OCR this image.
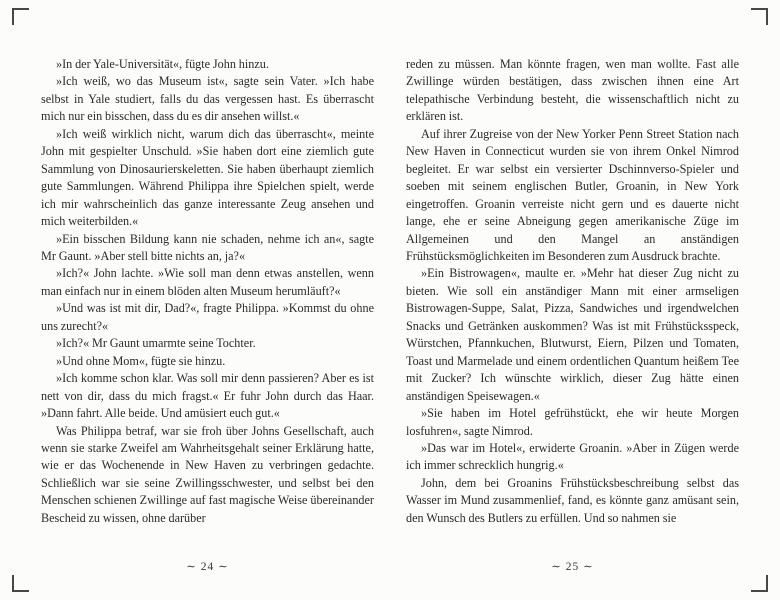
»In der Yale-Universität«, fügte John hinzu.

»Ich weiß, wo das Museum ist«, sagte sein Vater. »Ich habe selbst in Yale studiert, falls du das vergessen hast. Es überrascht mich nur ein bisschen, dass du es dir ansehen willst.«

»Ich weiß wirklich nicht, warum dich das überrascht«, meinte John mit gespielter Unschuld. »Sie haben dort eine ziemlich gute Sammlung von Dinosaurierskeletten. Sie haben überhaupt ziemlich gute Sammlungen. Während Philippa ihre Spielchen spielt, werde ich mir wahrscheinlich das ganze interessante Zeug ansehen und mich weiterbilden.«

»Ein bisschen Bildung kann nie schaden, nehme ich an«, sagte Mr Gaunt. »Aber stell bitte nichts an, ja?«

»Ich?« John lachte. »Wie soll man denn etwas anstellen, wenn man einfach nur in einem blöden alten Museum herumläuft?«

»Und was ist mit dir, Dad?«, fragte Philippa. »Kommst du ohne uns zurecht?«

»Ich?« Mr Gaunt umarmte seine Tochter.

»Und ohne Mom«, fügte sie hinzu.

»Ich komme schon klar. Was soll mir denn passieren? Aber es ist nett von dir, dass du mich fragst.« Er fuhr John durch das Haar. »Dann fahrt. Alle beide. Und amüsiert euch gut.«

Was Philippa betraf, war sie froh über Johns Gesellschaft, auch wenn sie starke Zweifel am Wahrheitsgehalt seiner Erklärung hatte, wie er das Wochenende in New Haven zu verbringen gedachte. Schließlich war sie seine Zwillingsschwester, und selbst bei den Menschen schienen Zwillinge auf fast magische Weise übereinander Bescheid zu wissen, ohne darüber

∼ 24 ∼

reden zu müssen. Man könnte fragen, wen man wollte. Fast alle Zwillinge würden bestätigen, dass zwischen ihnen eine Art telepathische Verbindung besteht, die wissenschaftlich nicht zu erklären ist.

Auf ihrer Zugreise von der New Yorker Penn Street Station nach New Haven in Connecticut wurden sie von ihrem Onkel Nimrod begleitet. Er war selbst ein versierter Dschinnverso-Spieler und soeben mit seinem englischen Butler, Groanin, in New York eingetroffen. Groanin verreiste nicht gern und es dauerte nicht lange, ehe er seine Abneigung gegen amerikanische Züge im Allgemeinen und den Mangel an anständigen Frühstücksmöglichkeiten im Besonderen zum Ausdruck brachte.

»Ein Bistrowagen«, maulte er. »Mehr hat dieser Zug nicht zu bieten. Wie soll ein anständiger Mann mit einer armseligen Bistrowagen-Suppe, Salat, Pizza, Sandwiches und irgendwelchen Snacks und Getränken auskommen? Was ist mit Frühstücksspeck, Würstchen, Pfannkuchen, Blutwurst, Eiern, Pilzen und Tomaten, Toast und Marmelade und einem ordentlichen Quantum heißem Tee mit Zucker? Ich wünschte wirklich, dieser Zug hätte einen anständigen Speisewagen.«

»Sie haben im Hotel gefrühstückt, ehe wir heute Morgen losfuhren«, sagte Nimrod.

»Das war im Hotel«, erwiderte Groanin. »Aber in Zügen werde ich immer schrecklich hungrig.«

John, dem bei Groanins Frühstücksbeschreibung selbst das Wasser im Mund zusammenlief, fand, es könnte ganz amüsant sein, den Wunsch des Butlers zu erfüllen. Und so nahmen sie

∼ 25 ∼
